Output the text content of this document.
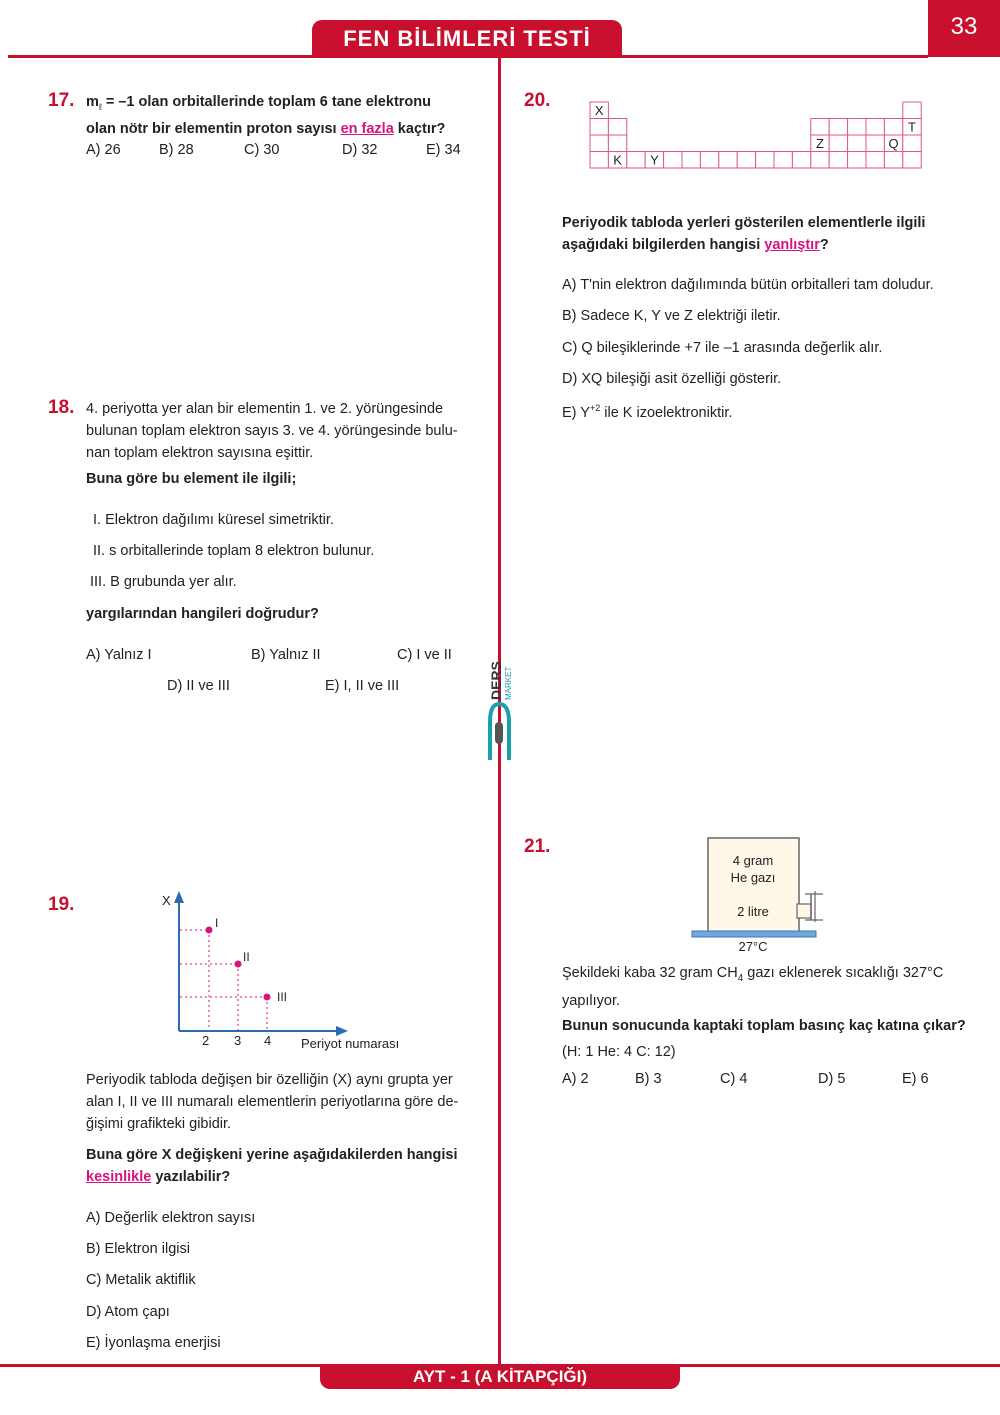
FEN BİLİMLERİ TESTİ	33
AYT - 1 (A KİTAPÇIĞI)
DERS MARKET
17. $m_\ell = -1$ olan orbitallerinde toplam 6 tane elektronu
olan nötr bir elementin proton sayısı en fazla kaçtır?
A) 26	B) 28	C) 30	D) 32	E) 34
18. 4. periyotta yer alan bir elementin 1. ve 2. yörüngesinde
bulunan toplam elektron sayıs 3. ve 4. yörüngesinde bulu-
nan toplam elektron sayısına eşittir.
Buna göre bu element ile ilgili;
I. Elektron dağılımı küresel simetriktir.
II. s orbitallerinde toplam 8 elektron bulunur.
III. B grubunda yer alır.
yargılarından hangileri doğrudur?
A) Yalnız I	B) Yalnız II	C) I ve II
D) II ve III	E) I, II ve III
19.	X
I
II
III
2 3 4 Periyot numarası
Periyodik tabloda değişen bir özelliğin (X) aynı grupta yer
alan I, II ve III numaralı elementlerin periyotlarına göre de-
ğişimi grafikteki gibidir.
Buna göre X değişkeni yerine aşağıdakilerden hangisi
kesinlikle yazılabilir?
A) Değerlik elektron sayısı
B) Elektron ilgisi
C) Metalik aktiflik
D) Atom çapı
E) İyonlaşma enerjisi
20.	X
T
Z	Q
K Y
Periyodik tabloda yerleri gösterilen elementlerle ilgili
aşağıdaki bilgilerden hangisi yanlıştır?
A) T'nin elektron dağılımında bütün orbitalleri tam doludur.
B) Sadece K, Y ve Z elektriği iletir.
C) Q bileşiklerinde +7 ile –1 arasında değerlik alır.
D) XQ bileşiği asit özelliği gösterir.
E) $Y^{+2}$ ile K izoelektroniktir.
21.
4 gram
He gazı
2 litre
27°C
Şekildeki kaba 32 gram $CH_4$ gazı eklenerek sıcaklığı 327°C
yapılıyor.
Bunun sonucunda kaptaki toplam basınç kaç katına çıkar?
(H: 1 He: 4 C: 12)
A) 2	B) 3	C) 4	D) 5	E) 6
